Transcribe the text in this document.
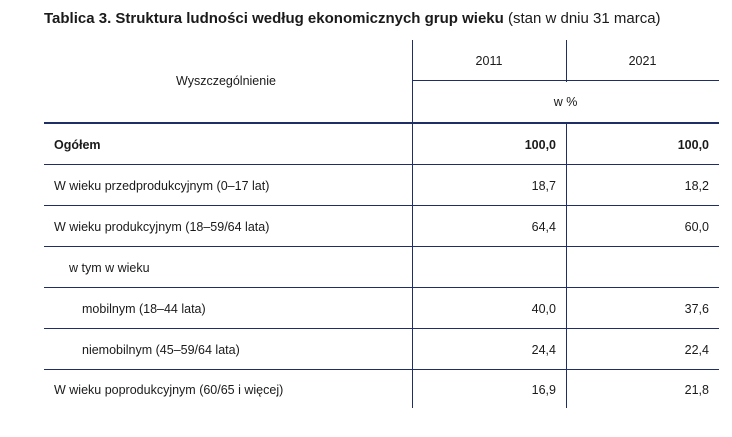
Tablica 3. Struktura ludności według ekonomicznych grup wieku (stan w dniu 31 marca)
Wyszczególnienie
2011	2021
w %
Ogółem	100,0	100,0
W wieku przedprodukcyjnym (0–17 lat)	18,7	18,2
W wieku produkcyjnym (18–59/64 lata)	64,4	60,0
w tym w wieku
mobilnym (18–44 lata)	40,0	37,6
niemobilnym (45–59/64 lata)	24,4	22,4
W wieku poprodukcyjnym (60/65 i więcej)	16,9	21,8
